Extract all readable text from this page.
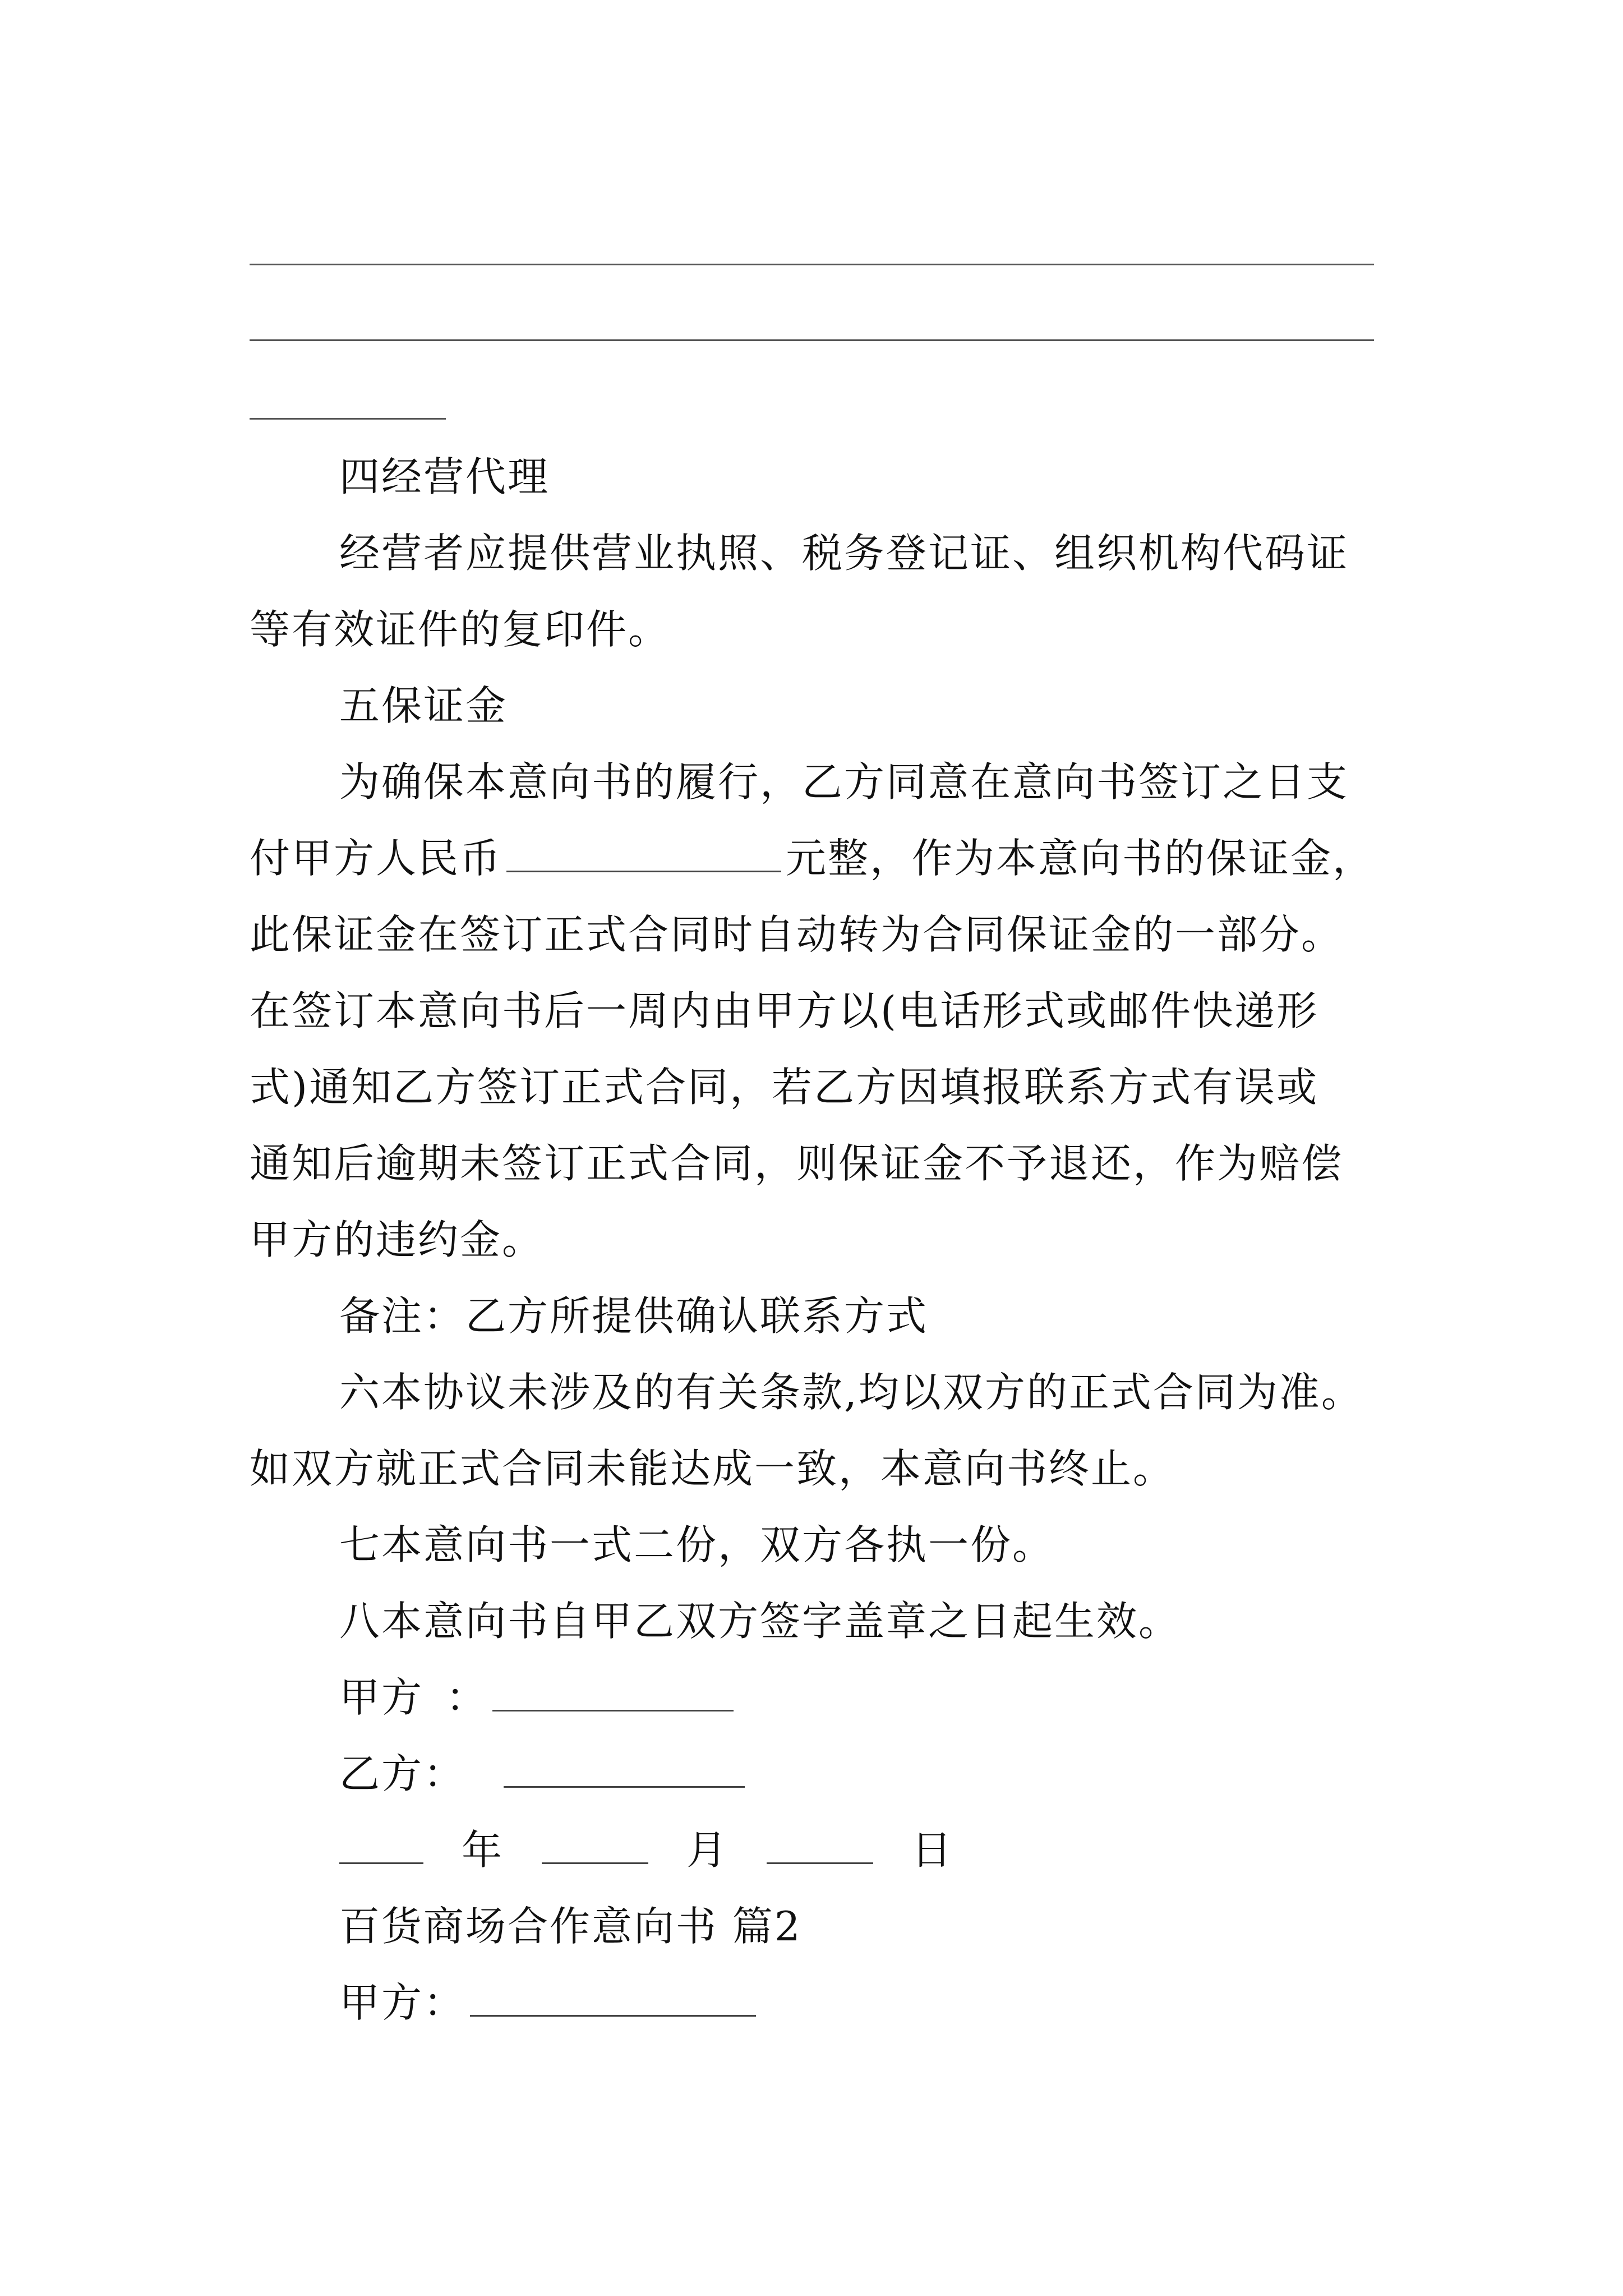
四经营代理
经营者应提供营业执照、税务登记证、组织机构代码证
等有效证件的复印件。
五保证金
为确保本意向书的履行，乙方同意在意向书签订之日支
付甲方人民币	元整，作为本意向书的保证金，
此保证金在签订正式合同时自动转为合同保证金的一部分。
在签订本意向书后一周内由甲方以(电话形式或邮件快递形
式)通知乙方签订正式合同，若乙方因填报联系方式有误或
通知后逾期未签订正式合同，则保证金不予退还，作为赔偿
甲方的违约金。
备注：乙方所提供确认联系方式
六本协议未涉及的有关条款,均以双方的正式合同为准。
如双方就正式合同未能达成一致，本意向书终止。
七本意向书一式二份，双方各执一份。
八本意向书自甲乙双方签字盖章之日起生效。
甲方 ：
乙方：
年	月	日
百货商场合作意向书 篇2
甲方：
